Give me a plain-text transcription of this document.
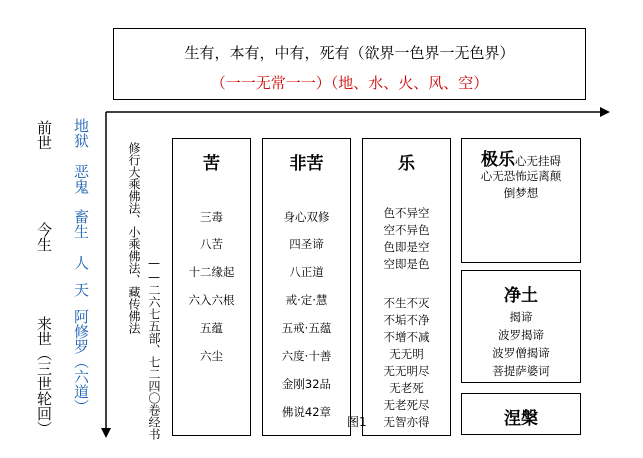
生有，本有，中有，死有（欲界一色界一无色界）
（一一无常一一）（地、水、火、风、空）
前世
今生
来世（三世轮回）
地狱
恶鬼
畜生
人
天
阿修罗（六道）
修行大乘佛法、小乘佛法、藏传佛法
——二六七五部、七二四〇卷经书
苦
三毒
八苦
十二缘起
六入六根
五蕴
六尘
非苦
身心双修
四圣谛
八正道
戒·定·慧
五戒·五蕴
六度·十善
金刚32品
佛说42章
乐
色不异空
空不异色
色即是空
空即是色
不生不灭
不垢不净
不增不减
无无明
无无明尽
无老死
无老死尽
无智亦得
极乐心无挂碍
心无恐怖远离颠
倒梦想
净土
揭谛
波罗揭谛
波罗僧揭谛
菩提萨婆诃
涅槃
图1
